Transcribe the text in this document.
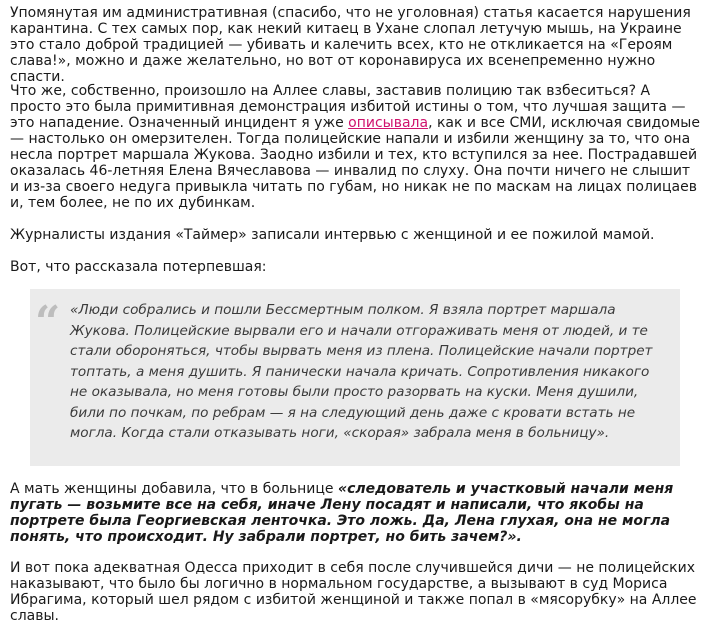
Упомянутая им административная (спасибо, что не уголовная) статья касается нарушения карантина. С тех самых пор, как некий китаец в Ухане слопал летучую мышь, на Украине это стало доброй традицией — убивать и калечить всех, кто не откликается на «Героям слава!», можно и даже желательно, но вот от коронавируса их всенепременно нужно спасти.

Что же, собственно, произошло на Аллее славы, заставив полицию так взбеситься? А просто это была примитивная демонстрация избитой истины о том, что лучшая защита — это нападение. Означенный инцидент я уже описывала, как и все СМИ, исключая свидомые — настолько он омерзителен. Тогда полицейские напали и избили женщину за то, что она несла портрет маршала Жукова. Заодно избили и тех, кто вступился за нее. Пострадавшей оказалась 46-летняя Елена Вячеславова — инвалид по слуху. Она почти ничего не слышит и из-за своего недуга привыкла читать по губам, но никак не по маскам на лицах полицаев и, тем более, не по их дубинкам.

Журналисты издания «Таймер» записали интервью с женщиной и ее пожилой мамой.

Вот, что рассказала потерпевшая:

“ «Люди собрались и пошли Бессмертным полком. Я взяла портрет маршала Жукова. Полицейские вырвали его и начали отгораживать меня от людей, и те стали обороняться, чтобы вырвать меня из плена. Полицейские начали портрет топтать, а меня душить. Я панически начала кричать. Сопротивления никакого не оказывала, но меня готовы были просто разорвать на куски. Меня душили, били по почкам, по ребрам — я на следующий день даже с кровати встать не могла. Когда стали отказывать ноги, «скорая» забрала меня в больницу».

А мать женщины добавила, что в больнице «следователь и участковый начали меня пугать — возьмите все на себя, иначе Лену посадят и написали, что якобы на портрете была Георгиевская ленточка. Это ложь. Да, Лена глухая, она не могла понять, что происходит. Ну забрали портрет, но бить зачем?».

И вот пока адекватная Одесса приходит в себя после случившейся дичи — не полицейских наказывают, что было бы логично в нормальном государстве, а вызывают в суд Мориса Ибрагима, который шел рядом с избитой женщиной и также попал в «мясорубку» на Аллее славы.
